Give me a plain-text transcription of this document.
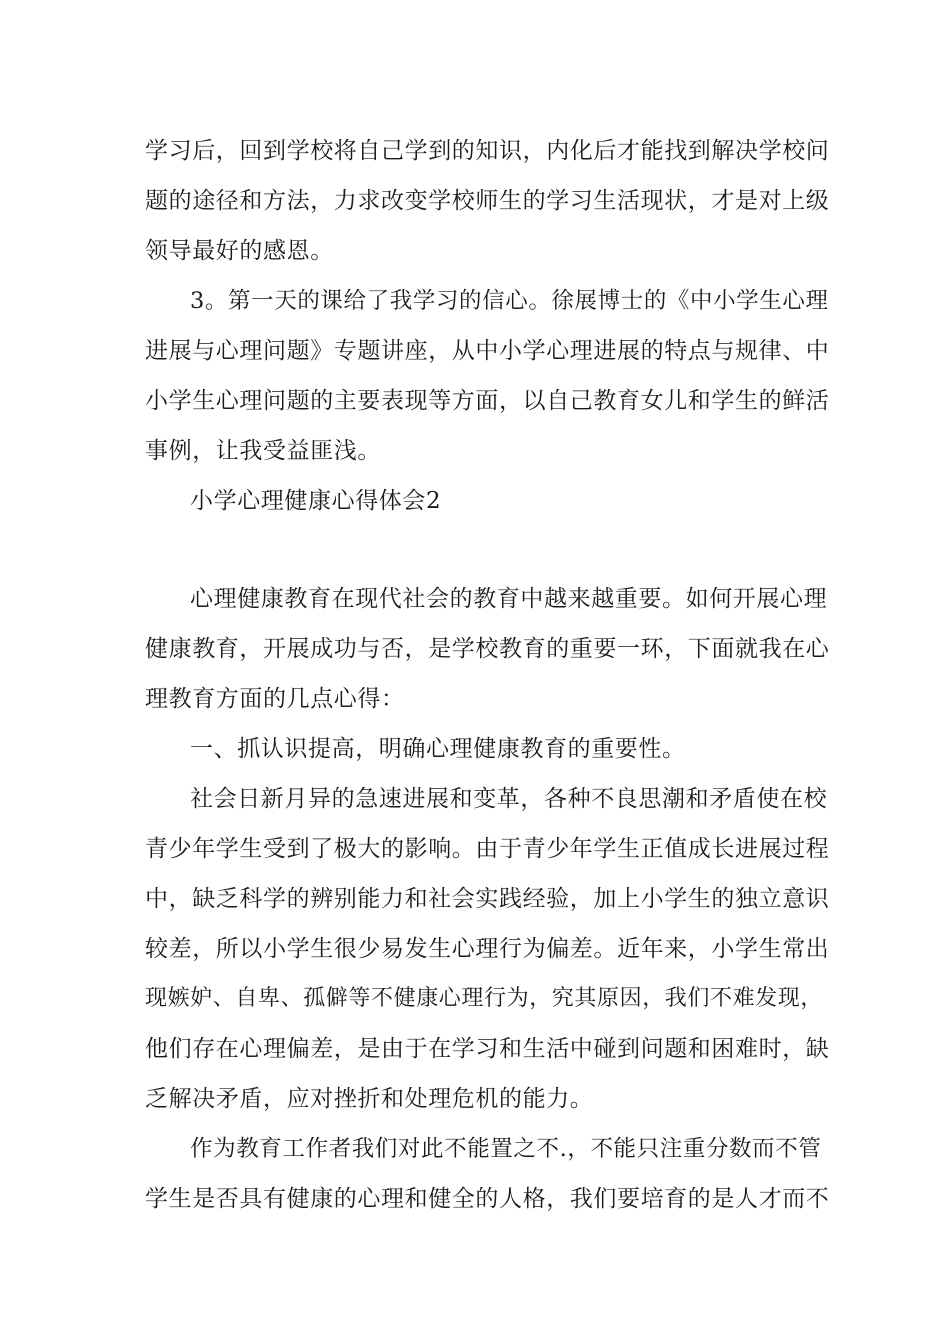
学习后，回到学校将自己学到的知识，内化后才能找到解决学校问
题的途径和方法，力求改变学校师生的学习生活现状，才是对上级
领导最好的感恩。
3。第一天的课给了我学习的信心。徐展博士的《中小学生心理
进展与心理问题》专题讲座，从中小学心理进展的特点与规律、中
小学生心理问题的主要表现等方面，以自己教育女儿和学生的鲜活
事例，让我受益匪浅。
小学心理健康心得体会2
心理健康教育在现代社会的教育中越来越重要。如何开展心理
健康教育，开展成功与否，是学校教育的重要一环，下面就我在心
理教育方面的几点心得：
一、抓认识提高，明确心理健康教育的重要性。
社会日新月异的急速进展和变革，各种不良思潮和矛盾使在校
青少年学生受到了极大的影响。由于青少年学生正值成长进展过程
中，缺乏科学的辨别能力和社会实践经验，加上小学生的独立意识
较差，所以小学生很少易发生心理行为偏差。近年来，小学生常出
现嫉妒、自卑、孤僻等不健康心理行为，究其原因，我们不难发现，
他们存在心理偏差，是由于在学习和生活中碰到问题和困难时，缺
乏解决矛盾，应对挫折和处理危机的能力。
作为教育工作者我们对此不能置之不.，不能只注重分数而不管
学生是否具有健康的心理和健全的人格，我们要培育的是人才而不
